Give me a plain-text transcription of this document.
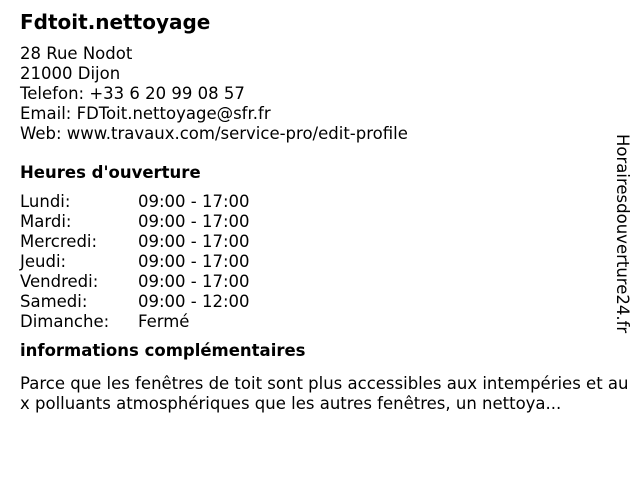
Fdtoit.nettoyage
28 Rue Nodot
21000 Dijon
Telefon: +33 6 20 99 08 57
Email: FDToit.nettoyage@sfr.fr
Web: www.travaux.com/service-pro/edit-profile
Heures d'ouverture
Lundi:	09:00 - 17:00
Mardi:	09:00 - 17:00
Mercredi:	09:00 - 17:00
Jeudi:	09:00 - 17:00
Vendredi:	09:00 - 17:00
Samedi:	09:00 - 12:00
Dimanche:	Fermé
informations complémentaires
Parce que les fenêtres de toit sont plus accessibles aux intempéries et aux polluants atmosphériques que les autres fenêtres, un nettoya...
Horairesdouverture24.fr
